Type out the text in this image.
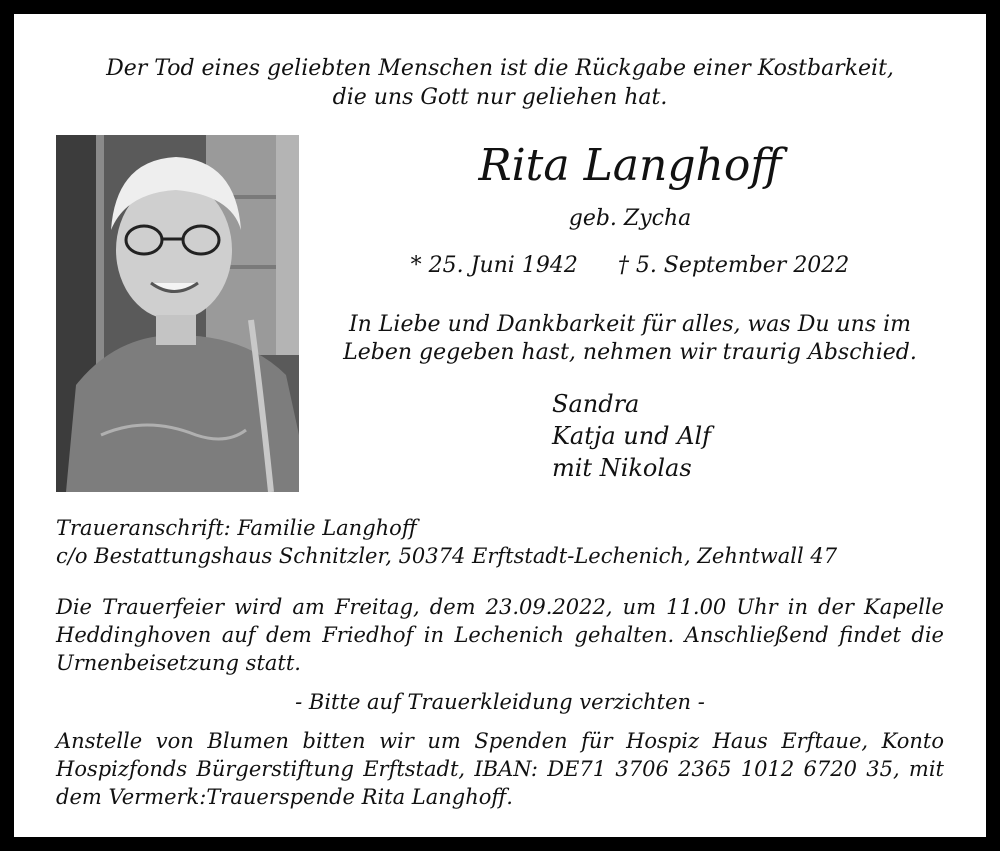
Der Tod eines geliebten Menschen ist die Rückgabe einer Kostbarkeit,
die uns Gott nur geliehen hat.
Rita Langhoff
geb. Zycha
* 25. Juni 1942 † 5. September 2022
In Liebe und Dankbarkeit für alles, was Du uns im
Leben gegeben hast, nehmen wir traurig Abschied.
Sandra
Katja und Alf
mit Nikolas
Traueranschrift: Familie Langhoff
c/o Bestattungshaus Schnitzler, 50374 Erftstadt-Lechenich, Zehntwall 47
Die Trauerfeier wird am Freitag, dem 23.09.2022, um 11.00 Uhr in der Kapelle Heddinghoven auf dem Friedhof in Lechenich gehalten. Anschließend findet die Urnenbeisetzung statt.
- Bitte auf Trauerkleidung verzichten -
Anstelle von Blumen bitten wir um Spenden für Hospiz Haus Erftaue, Konto Hospizfonds Bürgerstiftung Erftstadt, IBAN: DE71 3706 2365 1012 6720 35, mit dem Vermerk:Trauerspende Rita Langhoff.
